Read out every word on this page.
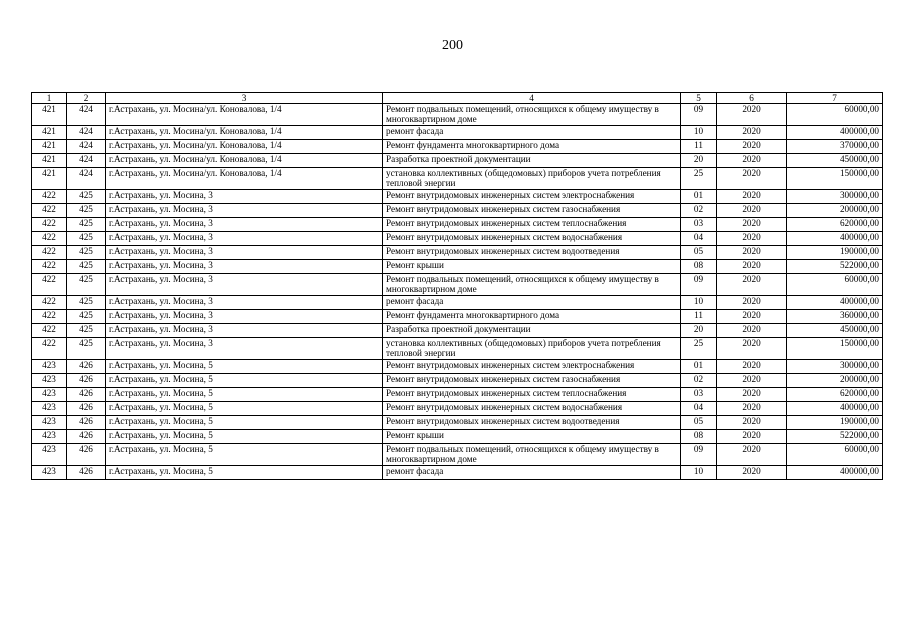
200
1	2	3	4	5	6	7
421	424	г.Астрахань, ул. Мосина/ул. Коновалова, 1/4	Ремонт подвальных помещений, относящихся к общему имуществу в многоквартирном доме	09	2020	60000,00
421	424	г.Астрахань, ул. Мосина/ул. Коновалова, 1/4	ремонт фасада	10	2020	400000,00
421	424	г.Астрахань, ул. Мосина/ул. Коновалова, 1/4	Ремонт фундамента многоквартирного дома	11	2020	370000,00
421	424	г.Астрахань, ул. Мосина/ул. Коновалова, 1/4	Разработка проектной документации	20	2020	450000,00
421	424	г.Астрахань, ул. Мосина/ул. Коновалова, 1/4	установка коллективных (общедомовых) приборов учета потребления тепловой энергии	25	2020	150000,00
422	425	г.Астрахань, ул. Мосина, 3	Ремонт внутридомовых инженерных систем электроснабжения	01	2020	300000,00
422	425	г.Астрахань, ул. Мосина, 3	Ремонт внутридомовых инженерных систем газоснабжения	02	2020	200000,00
422	425	г.Астрахань, ул. Мосина, 3	Ремонт внутридомовых инженерных систем теплоснабжения	03	2020	620000,00
422	425	г.Астрахань, ул. Мосина, 3	Ремонт внутридомовых инженерных систем водоснабжения	04	2020	400000,00
422	425	г.Астрахань, ул. Мосина, 3	Ремонт внутридомовых инженерных систем водоотведения	05	2020	190000,00
422	425	г.Астрахань, ул. Мосина, 3	Ремонт крыши	08	2020	522000,00
422	425	г.Астрахань, ул. Мосина, 3	Ремонт подвальных помещений, относящихся к общему имуществу в многоквартирном доме	09	2020	60000,00
422	425	г.Астрахань, ул. Мосина, 3	ремонт фасада	10	2020	400000,00
422	425	г.Астрахань, ул. Мосина, 3	Ремонт фундамента многоквартирного дома	11	2020	360000,00
422	425	г.Астрахань, ул. Мосина, 3	Разработка проектной документации	20	2020	450000,00
422	425	г.Астрахань, ул. Мосина, 3	установка коллективных (общедомовых) приборов учета потребления тепловой энергии	25	2020	150000,00
423	426	г.Астрахань, ул. Мосина, 5	Ремонт внутридомовых инженерных систем электроснабжения	01	2020	300000,00
423	426	г.Астрахань, ул. Мосина, 5	Ремонт внутридомовых инженерных систем газоснабжения	02	2020	200000,00
423	426	г.Астрахань, ул. Мосина, 5	Ремонт внутридомовых инженерных систем теплоснабжения	03	2020	620000,00
423	426	г.Астрахань, ул. Мосина, 5	Ремонт внутридомовых инженерных систем водоснабжения	04	2020	400000,00
423	426	г.Астрахань, ул. Мосина, 5	Ремонт внутридомовых инженерных систем водоотведения	05	2020	190000,00
423	426	г.Астрахань, ул. Мосина, 5	Ремонт крыши	08	2020	522000,00
423	426	г.Астрахань, ул. Мосина, 5	Ремонт подвальных помещений, относящихся к общему имуществу в многоквартирном доме	09	2020	60000,00
423	426	г.Астрахань, ул. Мосина, 5	ремонт фасада	10	2020	400000,00
